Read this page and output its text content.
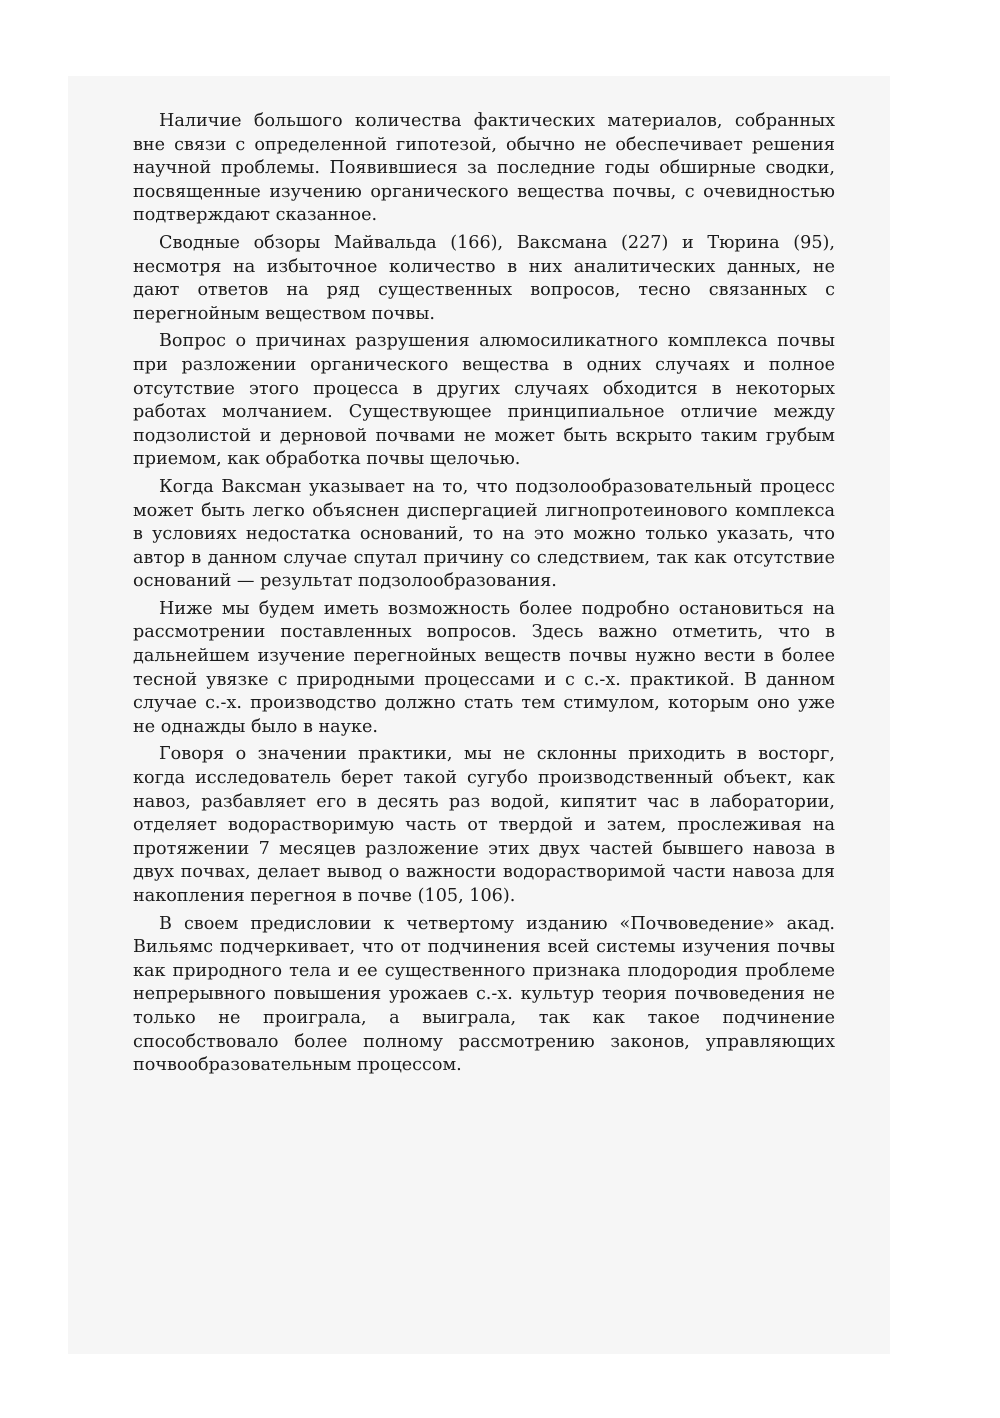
Наличие большого количества фактических материалов, собранных вне связи с определенной гипотезой, обычно не обеспечивает решения научной проблемы. Появившиеся за последние годы обширные сводки, посвященные изучению органического вещества почвы, с очевидностью подтверждают сказанное.

Сводные обзоры Майвальда (166), Ваксмана (227) и Тюрина (95), несмотря на избыточное количество в них аналитических данных, не дают ответов на ряд существенных вопросов, тесно связанных с перегнойным веществом почвы.

Вопрос о причинах разрушения алюмосиликатного комплекса почвы при разложении органического вещества в одних случаях и полное отсутствие этого процесса в других случаях обходится в некоторых работах молчанием. Существующее принципиальное отличие между подзолистой и дерновой почвами не может быть вскрыто таким грубым приемом, как обработка почвы щелочью.

Когда Ваксман указывает на то, что подзолообразовательный процесс может быть легко объяснен диспергацией лигнопротеинового комплекса в условиях недостатка оснований, то на это можно только указать, что автор в данном случае спутал причину со следствием, так как отсутствие оснований — результат подзолообразования.

Ниже мы будем иметь возможность более подробно остановиться на рассмотрении поставленных вопросов. Здесь важно отметить, что в дальнейшем изучение перегнойных веществ почвы нужно вести в более тесной увязке с природными процессами и с с.-х. практикой. В данном случае с.-х. производство должно стать тем стимулом, которым оно уже не однажды было в науке.

Говоря о значении практики, мы не склонны приходить в восторг, когда исследователь берет такой сугубо производственный объект, как навоз, разбавляет его в десять раз водой, кипятит час в лаборатории, отделяет водорастворимую часть от твердой и затем, прослеживая на протяжении 7 месяцев разложение этих двух частей бывшего навоза в двух почвах, делает вывод о важности водорастворимой части навоза для накопления перегноя в почве (105, 106).

В своем предисловии к четвертому изданию «Почвоведение» акад. Вильямс подчеркивает, что от подчинения всей системы изучения почвы как природного тела и ее существенного признака плодородия проблеме непрерывного повышения урожаев с.-х. культур теория почвоведения не только не проиграла, а выиграла, так как такое подчинение способствовало более полному рассмотрению законов, управляющих почвообразовательным процессом.
